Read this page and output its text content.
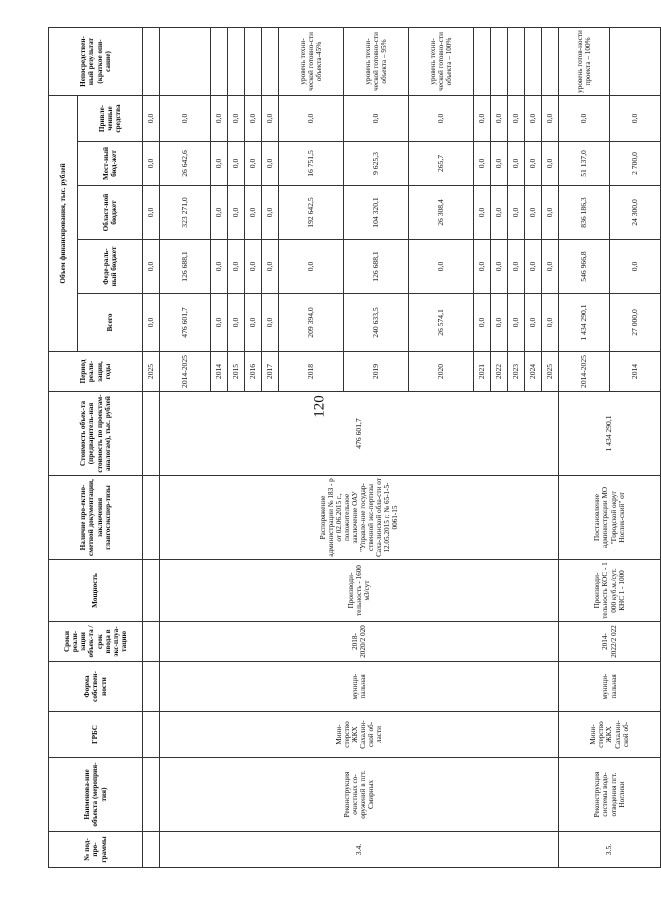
120
№ под-про-граммы	Наименова-ние объекта (мероприя-тия)	ГРБС	Форма собствен-ности	Сроки реали-зации объек-та / срок ввода в экс-плуа-тацию	Мощность	Наличие про-ектно-сметной документации, заключения главгосэкспер-тизы	Стоимость объек-та (предваритель-ная стоимость по проектам-аналогам), тыс. рублей	Период реали-зации, годы	Объем финансирования, тыс. рублей					Непосредствен-ный результат (краткое опи-сание)
									Всего	Феде-раль-ный бюджет	Област-ной бюджет	Мест-ный бюд-жет	Привле-ченные средства	
								2025	0,0	0,0	0,0	0,0	0,0	
3.4.	Реконструкция очистных со-оружений в пгт. Смирных	Мини-стерство ЖКХ Сахалин-ской об-ласти	муници-пальная	2018-2020/2 020	Производи-тельность - 1600 м3/сут	Распоряжение администрации № 183 - р от 02.06.2015 г., положительное заключение ОАУ "Управле-ние государ-ственной экс-пертизы Саха-линской обла-сти от 12.05.2015 г. № 65-1-5-0061-15	476 601,7	2014-2025	476 601,7	126 688,1	323 271,0	26 642,6	0,0	
								2014	0,0	0,0	0,0	0,0	0,0	
								2015	0,0	0,0	0,0	0,0	0,0	
								2016	0,0	0,0	0,0	0,0	0,0	
								2017	0,0	0,0	0,0	0,0	0,0	
								2018	209 394,0	0,0	192 642,5	16 751,5	0,0	уровень техни-ческой готовно-сти объекта-45%
								2019	240 633,5	126 688,1	104 320,1	9 625,3	0,0	уровень техни-ческой готовно-сти объекта – 95%
								2020	26 574,1	0,0	26 308,4	265,7	0,0	уровень техни-ческой готовно-сти объекта – 100%
								2021	0,0	0,0	0,0	0,0	0,0	
								2022	0,0	0,0	0,0	0,0	0,0	
								2023	0,0	0,0	0,0	0,0	0,0	
								2024	0,0	0,0	0,0	0,0	0,0	
								2025	0,0	0,0	0,0	0,0	0,0	
3.5.	Реконструкция системы водо-отведения пгт. Ноглики	Мини-стерство ЖКХ Сахалин-ской об-	муници-пальная	2014-2022/2 022	Производи-тельность КОС - 1 000 куб.м./сут. КНС 1 - 1000	Постановление администрации МО "Городской округ Ноглик-ский" от	1 434 290,1	2014-2025	1 434 290,1	546 966,8	836 186,3	51 137,0	0,0	уровень готов-ности проекта – 100%
								2014	27 000,0	0,0	24 300,0	2 700,0	0,0	
